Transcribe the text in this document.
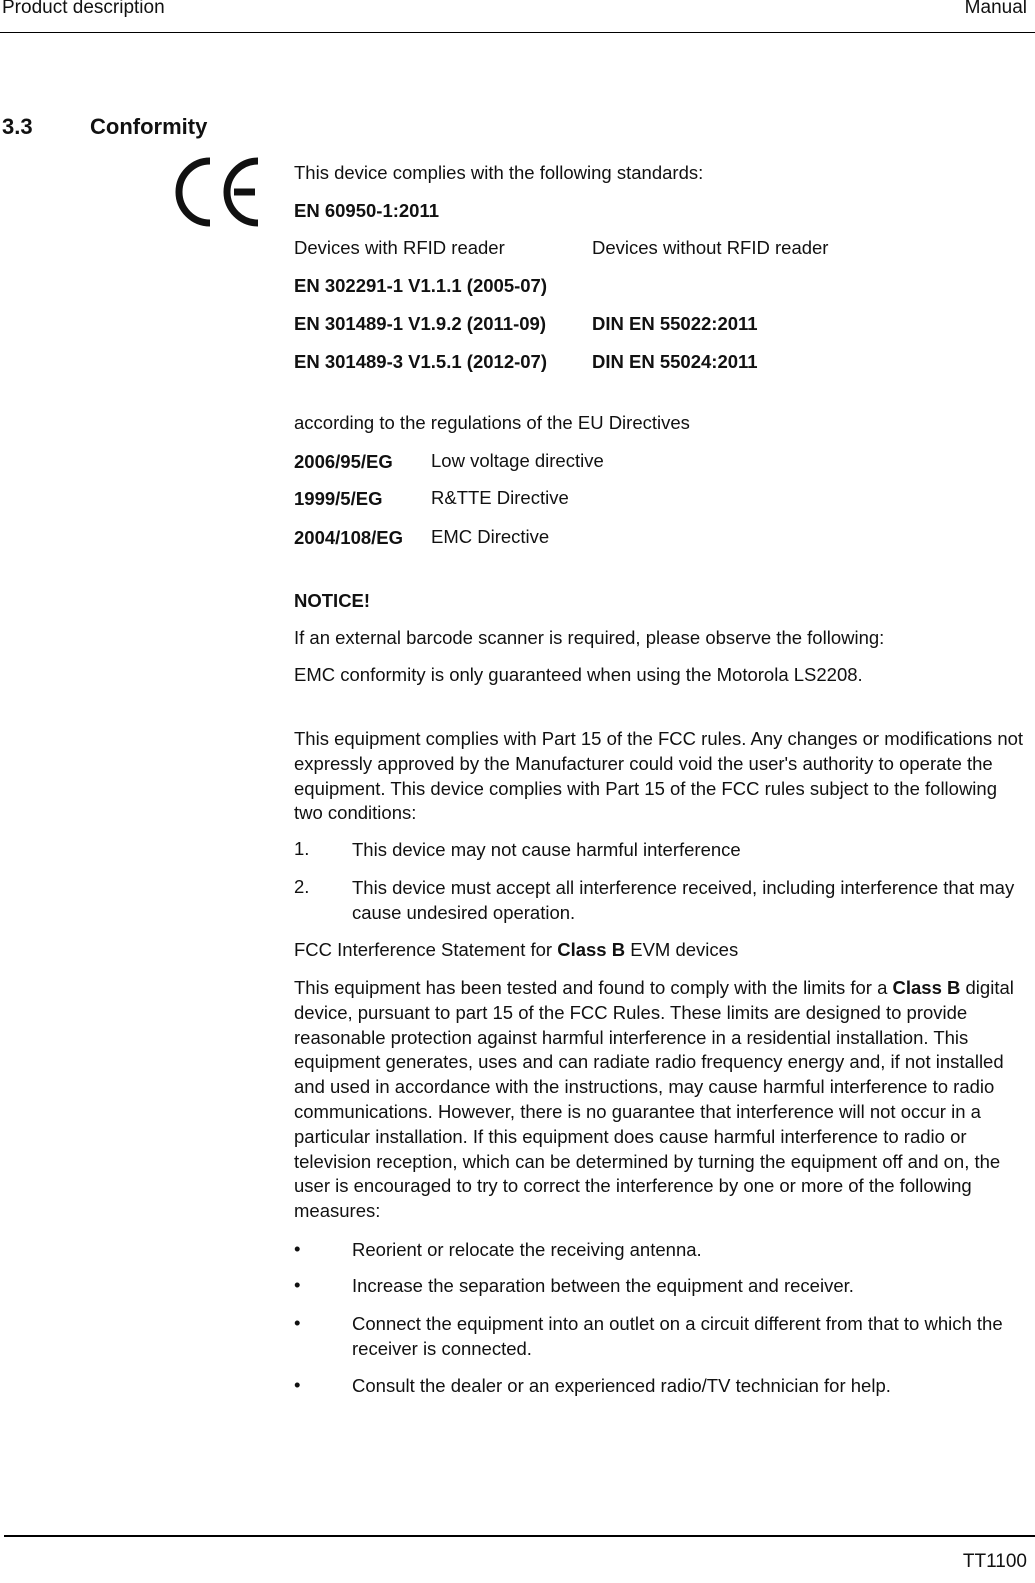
Product description	Manual
3.3	Conformity
This device complies with the following standards:
EN 60950-1:2011
Devices with RFID reader	Devices without RFID reader
EN 302291-1 V1.1.1 (2005-07)
EN 301489-1 V1.9.2 (2011-09) DIN EN 55022:2011
EN 301489-3 V1.5.1 (2012-07) DIN EN 55024:2011
according to the regulations of the EU Directives
2006/95/EG Low voltage directive
1999/5/EG	R&TTE Directive
2004/108/EG EMC Directive
NOTICE!
If an external barcode scanner is required, please observe the following:
EMC conformity is only guaranteed when using the Motorola LS2208.
This equipment complies with Part 15 of the FCC rules. Any changes or modifications not expressly approved by the Manufacturer could void the user's authority to operate the equipment. This device complies with Part 15 of the FCC rules subject to the following two conditions:
1. This device may not cause harmful interference
2. This device must accept all interference received, including interference that may cause undesired operation.
FCC Interference Statement for Class B EVM devices
This equipment has been tested and found to comply with the limits for a Class B digital device, pursuant to part 15 of the FCC Rules. These limits are designed to provide reasonable protection against harmful interference in a residential installation. This equipment generates, uses and can radiate radio frequency energy and, if not installed and used in accordance with the instructions, may cause harmful interference to radio communications. However, there is no guarantee that interference will not occur in a particular installation. If this equipment does cause harmful interference to radio or television reception, which can be determined by turning the equipment off and on, the user is encouraged to try to correct the interference by one or more of the following measures:
•	Reorient or relocate the receiving antenna.
•	Increase the separation between the equipment and receiver.
•	Connect the equipment into an outlet on a circuit different from that to which the receiver is connected.
•	Consult the dealer or an experienced radio/TV technician for help.
TT1100
